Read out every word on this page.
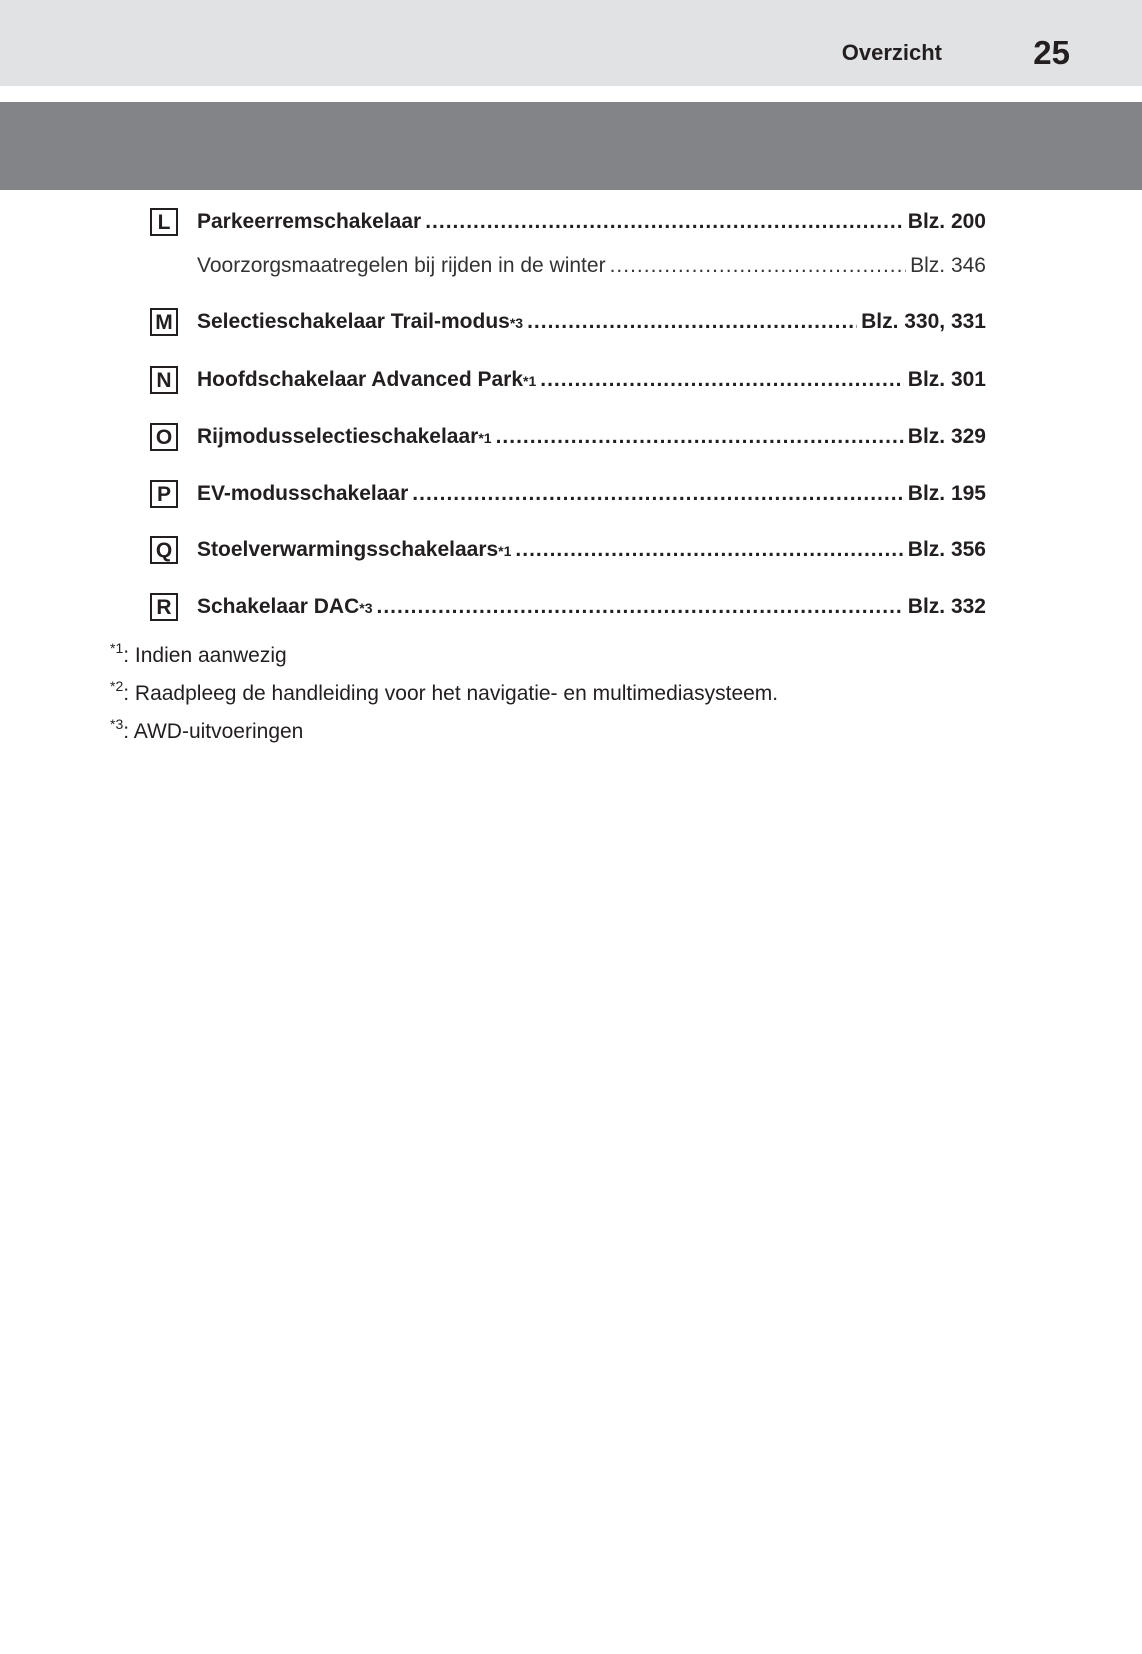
Overzicht	25
L	Parkeerremschakelaar .....	Blz. 200
Voorzorgsmaatregelen bij rijden in de winter .....	Blz. 346
M Selectieschakelaar Trail-modus *3 .....	Blz. 330, 331
N	Hoofdschakelaar Advanced Park *1 .....	Blz. 301
O Rijmodusselectieschakelaar *1 .....	Blz. 329
P	EV-modusschakelaar .....	Blz. 195
Q Stoelverwarmingsschakelaars *1 .....	Blz. 356
R	Schakelaar DAC *3 .....	Blz. 332
$^{*1}$: Indien aanwezig
$^{*2}$: Raadpleeg de handleiding voor het navigatie- en multimediasysteem.
$^{*3}$: AWD-uitvoeringen
